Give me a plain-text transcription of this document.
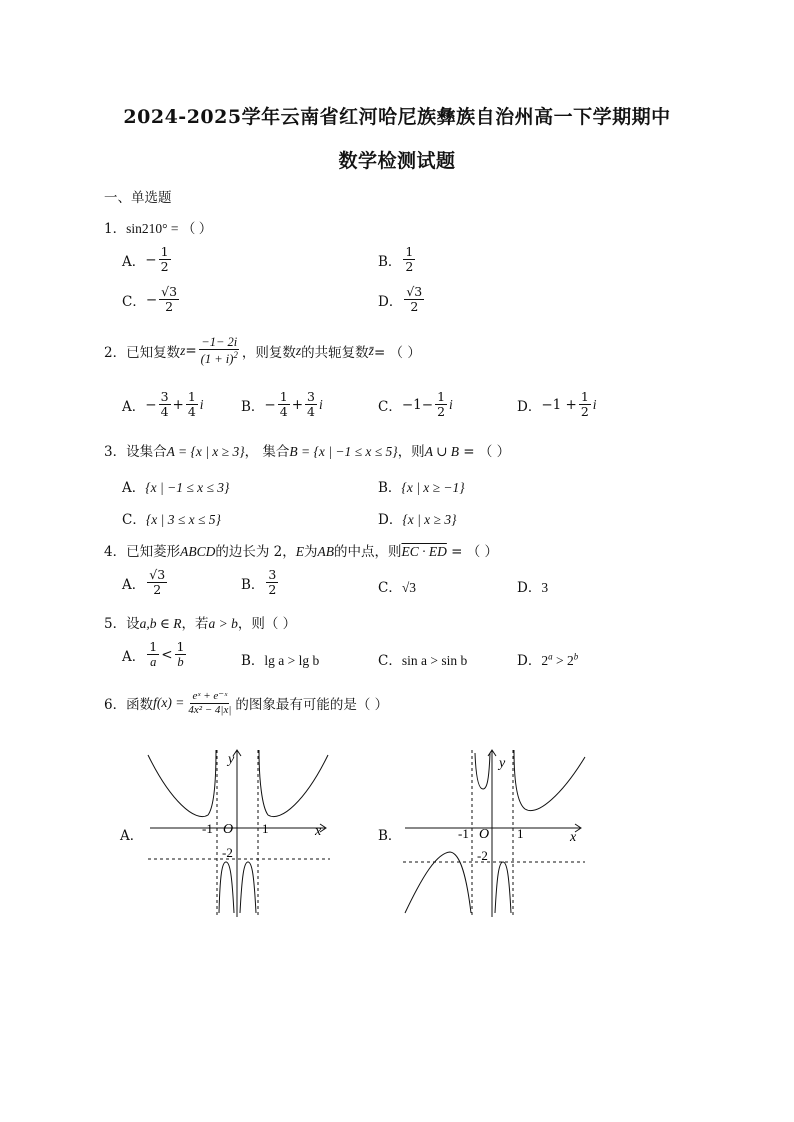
2024-2025学年云南省红河哈尼族彝族自治州高一下学期期中
数学检测试题
一、单选题
1．sin210° = （ ）
A． − $\frac{1}{2}$	B． $\frac{1}{2}$
C． − $\frac{√3}{2}$	D． $\frac{√3}{2}$
2．已知复数 $z = \frac{-1- 2i}{(1 + i)^2}$ ，则复数 z 的共轭复数 z̄ = （ ）
A． − $\frac{3}{4} + \frac{1}{4}$ i	B． − $\frac{1}{4} + \frac{3}{4}$ i	C． $-1- \frac{1}{2}$ i	D． $-1 + \frac{1}{2}$ i
3．设集合A = {x | x ≥ 3}， 集合B = {x | −1 ≤ x ≤ 5}，则A ∪ B = （ ）
A．{x | −1 ≤ x ≤ 3}	B．{x | x ≥ −1}
C．{x | 3 ≤ x ≤ 5}	D．{x | x ≥ 3}
4．已知菱形ABCD的边长为 2，E为AB的中点，则EC · ED = （ ）
A． $\frac{√3}{2}$	B． $\frac{3}{2}$	C．√3	D．3
5．设a,b ∈ R，若a > b，则（ ）
A． $\frac{1}{a} < \frac{1}{b}$	B．lg a > lg b	C．sin a > sin b	D．$2^a > 2^b$
6．函数 $f(x) = \frac{\text{eˣ + e⁻ˣ}}{\text{4x² − 4|x|}}$ 的图象最有可能的是（ ）
A．	B．
y
x
O
-1	1
-2
y
x
O
-1	1
-2
